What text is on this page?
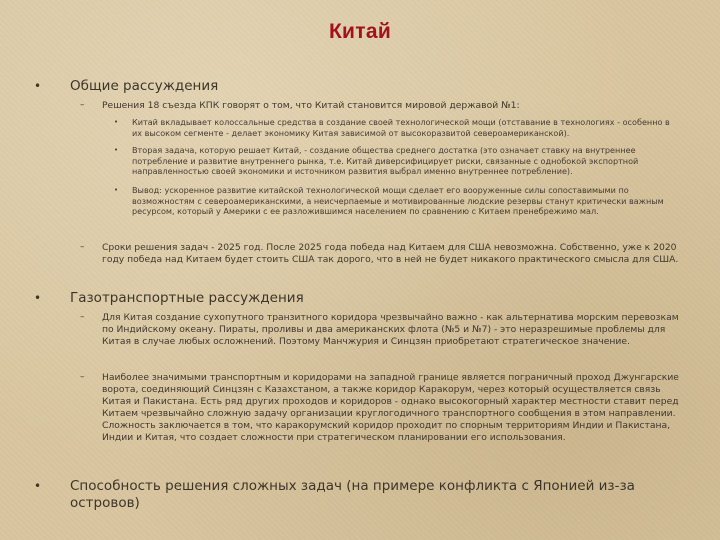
Китай
•	Общие рассуждения
–	Решения 18 съезда КПК говорят о том, что Китай становится мировой державой №1:
•	Китай вкладывает колоссальные средства в создание своей технологической мощи (отставание в технологиях - особенно в их высоком сегменте - делает экономику Китая зависимой от высокоразвитой североамериканской).
•	Вторая задача, которую решает Китай, - создание общества среднего достатка (это означает ставку на внутреннее потребление и развитие внутреннего рынка, т.е. Китай диверсифицирует риски, связанные с однобокой экспортной направленностью своей экономики и источником развития выбрал именно внутреннее потребление).
•	Вывод: ускоренное развитие китайской технологической мощи сделает его вооруженные силы сопоставимыми по возможностям с североамериканскими, а неисчерпаемые и мотивированные людские резервы станут критически важным ресурсом, который у Америки с ее разложившимся населением по сравнению с Китаем пренебрежимо мал.
–	Сроки решения задач - 2025 год. После 2025 года победа над Китаем для США невозможна. Собственно, уже к 2020 году победа над Китаем будет стоить США так дорого, что в ней не будет никакого практического смысла для США.
•	Газотранспортные рассуждения
–	Для Китая создание сухопутного транзитного коридора чрезвычайно важно - как альтернатива морским перевозкам по Индийскому океану. Пираты, проливы и два американских флота (№5 и №7) - это неразрешимые проблемы для Китая в случае любых осложнений. Поэтому Манчжурия и Синцзян приобретают стратегическое значение.
–	Наиболее значимыми транспортным и коридорами на западной границе является пограничный проход Джунгарские ворота, соединяющий Синцзян с Казахстаном, а также коридор Каракорум, через который осуществляется связь Китая и Пакистана. Есть ряд других проходов и коридоров - однако высокогорный характер местности ставит перед Китаем чрезвычайно сложную задачу организации круглогодичного транспортного сообщения в этом направлении. Сложность заключается в том, что каракорумский коридор проходит по спорным территориям Индии и Пакистана, Индии и Китая, что создает сложности при стратегическом планировании его использования.
•	Способность решения сложных задач (на примере конфликта с Японией из-за островов)
